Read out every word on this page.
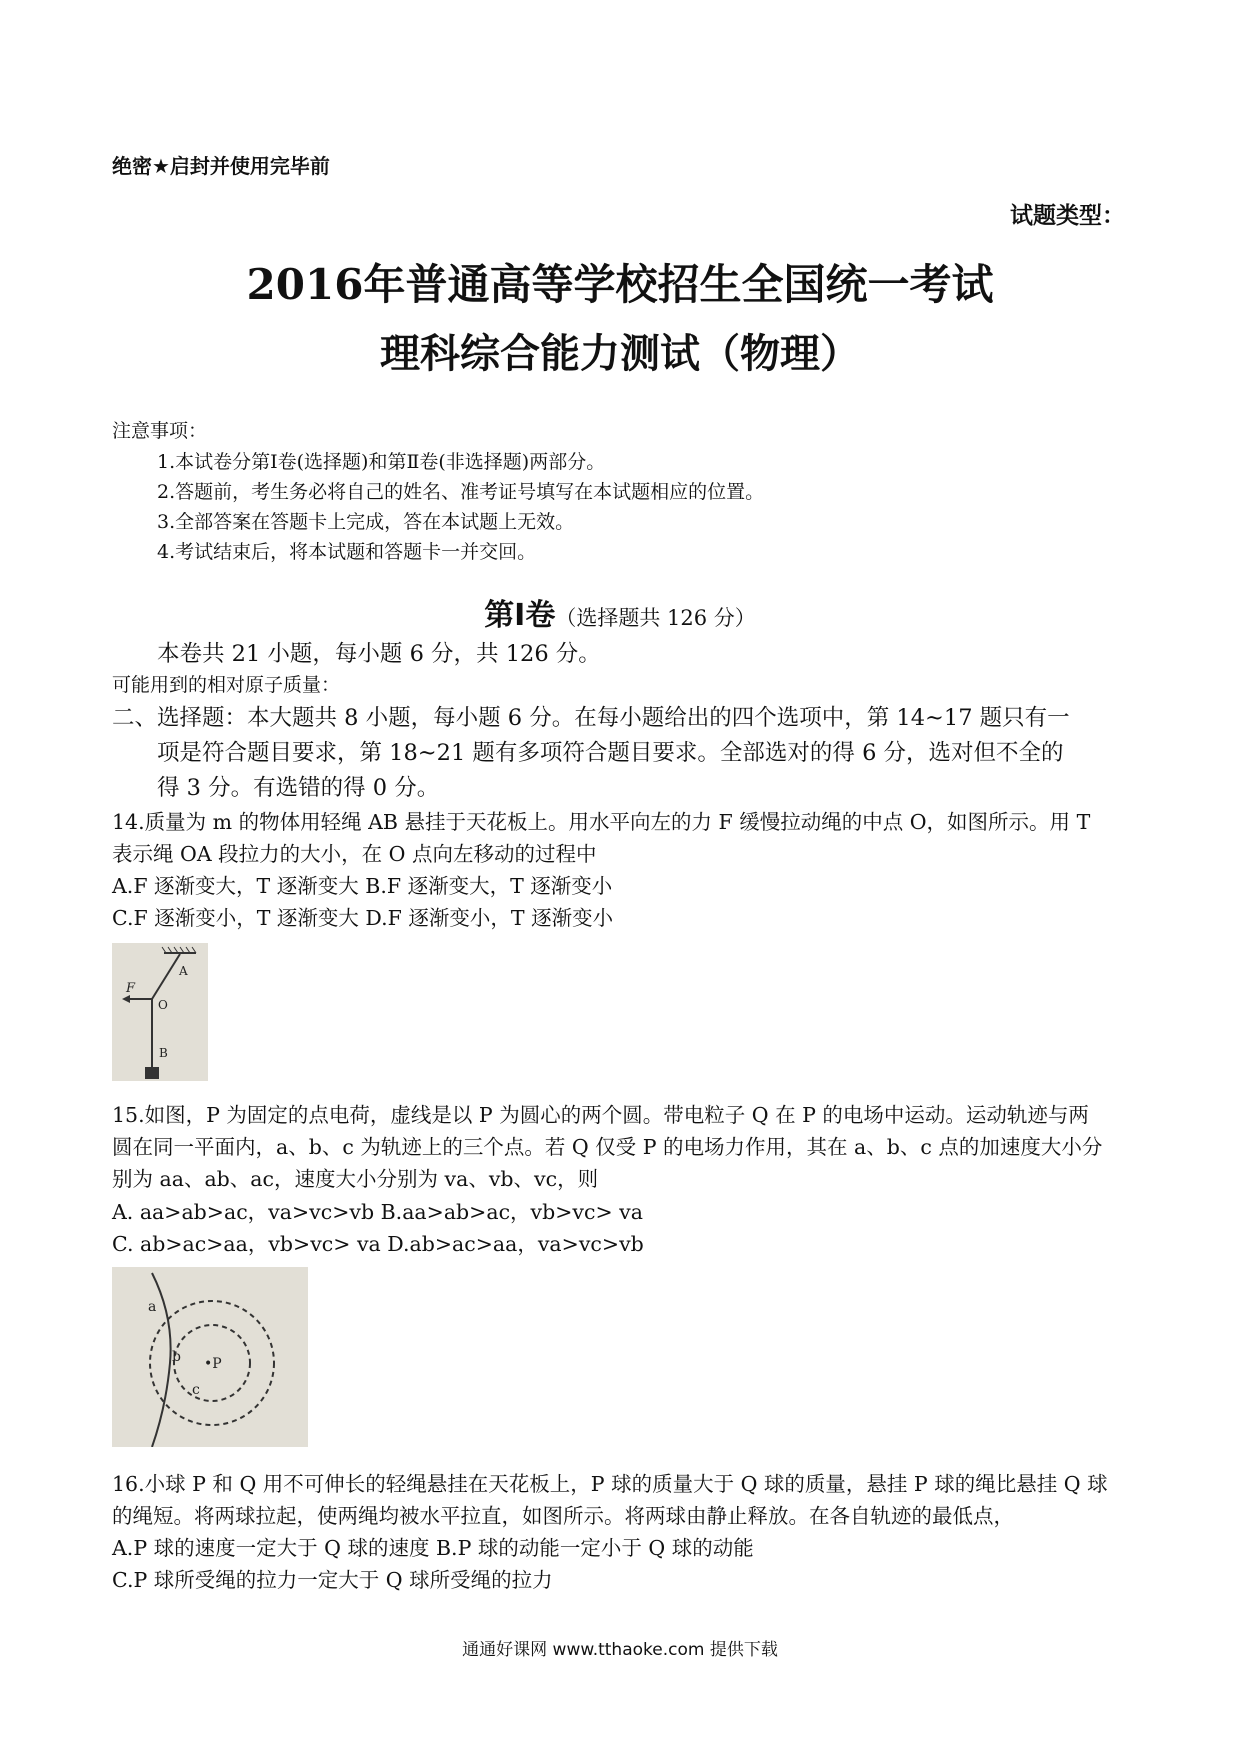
绝密★启封并使用完毕前
试题类型：
2016年普通高等学校招生全国统一考试
理科综合能力测试（物理）
注意事项：
1.本试卷分第Ⅰ卷(选择题)和第Ⅱ卷(非选择题)两部分。
2.答题前，考生务必将自己的姓名、准考证号填写在本试题相应的位置。
3.全部答案在答题卡上完成，答在本试题上无效。
4.考试结束后，将本试题和答题卡一并交回。
第Ⅰ卷（选择题共 126 分）
本卷共 21 小题，每小题 6 分，共 126 分。
可能用到的相对原子质量：
二、选择题：本大题共 8 小题，每小题 6 分。在每小题给出的四个选项中，第 14~17 题只有一
项是符合题目要求，第 18~21 题有多项符合题目要求。全部选对的得 6 分，选对但不全的
得 3 分。有选错的得 0 分。
14.质量为 m 的物体用轻绳 AB 悬挂于天花板上。用水平向左的力 F 缓慢拉动绳的中点 O，如图所示。用 T
表示绳 OA 段拉力的大小，在 O 点向左移动的过程中
A.F 逐渐变大，T 逐渐变大 B.F 逐渐变大，T 逐渐变小
C.F 逐渐变小，T 逐渐变大 D.F 逐渐变小，T 逐渐变小
A
F
O
B
15.如图，P 为固定的点电荷，虚线是以 P 为圆心的两个圆。带电粒子 Q 在 P 的电场中运动。运动轨迹与两
圆在同一平面内，a、b、c 为轨迹上的三个点。若 Q 仅受 P 的电场力作用，其在 a、b、c 点的加速度大小分
别为 aa、ab、ac，速度大小分别为 va、vb、vc，则
A. aa>ab>ac，va>vc>vb B.aa>ab>ac，vb>vc> va
C. ab>ac>aa，vb>vc> va D.ab>ac>aa，va>vc>vb
a
b
c
•P
16.小球 P 和 Q 用不可伸长的轻绳悬挂在天花板上，P 球的质量大于 Q 球的质量，悬挂 P 球的绳比悬挂 Q 球
的绳短。将两球拉起，使两绳均被水平拉直，如图所示。将两球由静止释放。在各自轨迹的最低点，
A.P 球的速度一定大于 Q 球的速度 B.P 球的动能一定小于 Q 球的动能
C.P 球所受绳的拉力一定大于 Q 球所受绳的拉力
通通好课网 www.tthaoke.com 提供下载
